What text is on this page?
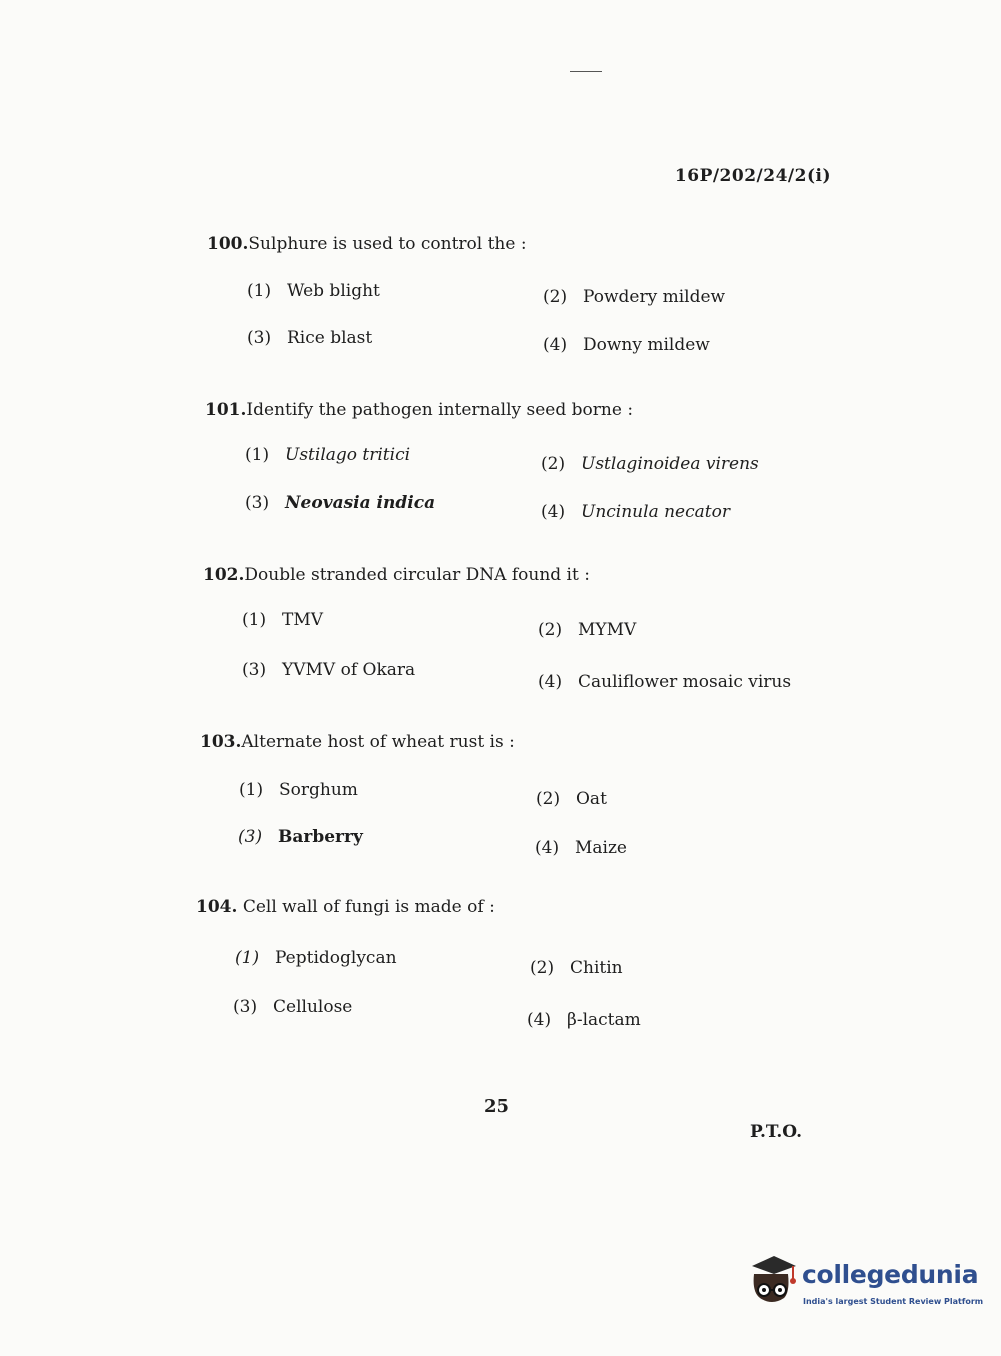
16P/202/24/2(i)
100.Sulphure is used to control the :
(1) Web blight	(2) Powdery mildew
(3) Rice blast	(4) Downy mildew
101.Identify the pathogen internally seed borne :
(1) Ustilago tritici	(2) Ustlaginoidea virens
(3) Neovasia indica	(4) Uncinula necator
102.Double stranded circular DNA found it :
(1) TMV	(2) MYMV
(3) YVMV of Okara
(4) Cauliflower mosaic virus
103.Alternate host of wheat rust is :
(1) Sorghum	(2) Oat
(3) Barberry
(4) Maize
104. Cell wall of fungi is made of :
(1) Peptidoglycan	(2) Chitin
(3) Cellulose
(4) β-lactam
25
P.T.O.
collegedunia
India's largest Student Review Platform
